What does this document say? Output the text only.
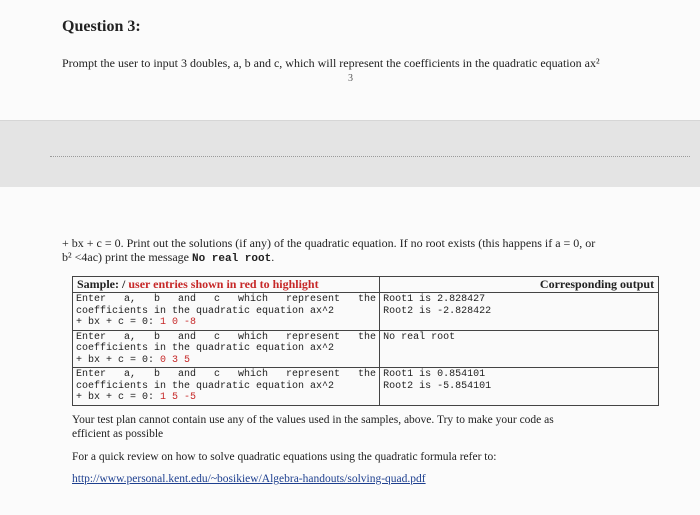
Question 3:
Prompt the user to input 3 doubles, a, b and c, which will represent the coefficients in the quadratic equation ax²
3
+ bx + c = 0. Print out the solutions (if any) of the quadratic equation. If no root exists (this happens if a = 0, or
b² <4ac) print the message No real root.
Sample: / user entries shown in red to highlight	Corresponding output
Enter   a,   b   and   c   which   represent   the
coefficients in the quadratic equation ax^2
+ bx + c = 0: 1 0 -8	Root1 is 2.828427
Root2 is -2.828422
Enter   a,   b   and   c   which   represent   the
coefficients in the quadratic equation ax^2
+ bx + c = 0: 0 3 5	No real root
Enter   a,   b   and   c   which   represent   the
coefficients in the quadratic equation ax^2
+ bx + c = 0: 1 5 -5	Root1 is 0.854101
Root2 is -5.854101
Your test plan cannot contain use any of the values used in the samples, above. Try to make your code as
efficient as possible
For a quick review on how to solve quadratic equations using the quadratic formula refer to:
http://www.personal.kent.edu/~bosikiew/Algebra-handouts/solving-quad.pdf
